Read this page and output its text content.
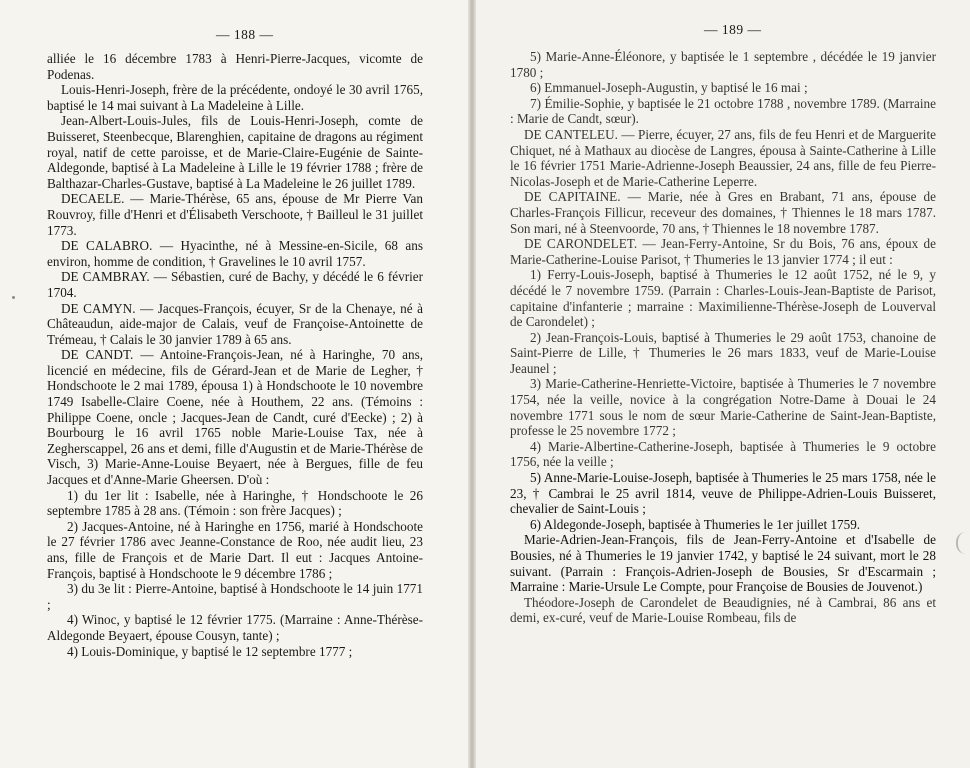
— 188 —

alliée le 16 décembre 1783 à Henri-Pierre-Jacques, vicomte de Podenas.

Louis-Henri-Joseph, frère de la précédente, ondoyé le 30 avril 1765, baptisé le 14 mai suivant à La Madeleine à Lille.

Jean-Albert-Louis-Jules, fils de Louis-Henri-Joseph, comte de Buisseret, Steenbecque, Blarenghien, capitaine de dragons au régiment royal, natif de cette paroisse, et de Marie-Claire-Eugénie de Sainte-Aldegonde, baptisé à La Madeleine à Lille le 19 février 1788 ; frère de Balthazar-Charles-Gustave, baptisé à La Madeleine le 26 juillet 1789.

DECAELE. — Marie-Thérèse, 65 ans, épouse de Mr Pierre Van Rouvroy, fille d'Henri et d'Élisabeth Verschoote, † Bailleul le 31 juillet 1773.

DE CALABRO. — Hyacinthe, né à Messine-en-Sicile, 68 ans environ, homme de condition, † Gravelines le 10 avril 1757.

DE CAMBRAY. — Sébastien, curé de Bachy, y décédé le 6 février 1704.

DE CAMYN. — Jacques-François, écuyer, Sr de la Chenaye, né à Châteaudun, aide-major de Calais, veuf de Françoise-Antoinette de Trémeau, † Calais le 30 janvier 1789 à 65 ans.

DE CANDT. — Antoine-François-Jean, né à Haringhe, 70 ans, licencié en médecine, fils de Gérard-Jean et de Marie de Legher, † Hondschoote le 2 mai 1789, épousa 1) à Hondschoote le 10 novembre 1749 Isabelle-Claire Coene, née à Houthem, 22 ans. (Témoins : Philippe Coene, oncle ; Jacques-Jean de Candt, curé d'Eecke) ; 2) à Bourbourg le 16 avril 1765 noble Marie-Louise Tax, née à Zegherscappel, 26 ans et demi, fille d'Augustin et de Marie-Thérèse de Visch, 3) Marie-Anne-Louise Beyaert, née à Bergues, fille de feu Jacques et d'Anne-Marie Gheersen. D'où :

1) du 1er lit : Isabelle, née à Haringhe, † Hondschoote le 26 septembre 1785 à 28 ans. (Témoin : son frère Jacques) ;

2) Jacques-Antoine, né à Haringhe en 1756, marié à Hondschoote le 27 février 1786 avec Jeanne-Constance de Roo, née audit lieu, 23 ans, fille de François et de Marie Dart. Il eut : Jacques Antoine-François, baptisé à Hondschoote le 9 décembre 1786 ;

3) du 3e lit : Pierre-Antoine, baptisé à Hondschoote le 14 juin 1771 ;

4) Winoc, y baptisé le 12 février 1775. (Marraine : Anne-Thérèse-Aldegonde Beyaert, épouse Cousyn, tante) ;

4) Louis-Dominique, y baptisé le 12 septembre 1777 ;

— 189 —

5) Marie-Anne-Éléonore, y baptisée le 1 septembre , décédée le 19 janvier 1780 ;

6) Emmanuel-Joseph-Augustin, y baptisé le 16 mai ;

7) Émilie-Sophie, y baptisée le 21 octobre 1788 , novembre 1789. (Marraine : Marie de Candt, sœur).

DE CANTELEU. — Pierre, écuyer, 27 ans, fils de feu Henri et de Marguerite Chiquet, né à Mathaux au diocèse de Langres, épousa à Sainte-Catherine à Lille le 16 février 1751 Marie-Adrienne-Joseph Beaussier, 24 ans, fille de feu Pierre-Nicolas-Joseph et de Marie-Catherine Leperre.

DE CAPITAINE. — Marie, née à Gres en Brabant, 71 ans, épouse de Charles-François Fillicur, receveur des domaines, † Thiennes le 18 mars 1787. Son mari, né à Steenvoorde, 70 ans, † Thiennes le 18 novembre 1787.

DE CARONDELET. — Jean-Ferry-Antoine, Sr du Bois, 76 ans, époux de Marie-Catherine-Louise Parisot, † Thumeries le 13 janvier 1774 ; il eut :

1) Ferry-Louis-Joseph, baptisé à Thumeries le 12 août 1752, né le 9, y décédé le 7 novembre 1759. (Parrain : Charles-Louis-Jean-Baptiste de Parisot, capitaine d'infanterie ; marraine : Maximilienne-Thérèse-Joseph de Louverval de Carondelet) ;

2) Jean-François-Louis, baptisé à Thumeries le 29 août 1753, chanoine de Saint-Pierre de Lille, † Thumeries le 26 mars 1833, veuf de Marie-Louise Jeaunel ;

3) Marie-Catherine-Henriette-Victoire, baptisée à Thumeries le 7 novembre 1754, née la veille, novice à la congrégation Notre-Dame à Douai le 24 novembre 1771 sous le nom de sœur Marie-Catherine de Saint-Jean-Baptiste, professe le 25 novembre 1772 ;

4) Marie-Albertine-Catherine-Joseph, baptisée à Thumeries le 9 octobre 1756, née la veille ;

5) Anne-Marie-Louise-Joseph, baptisée à Thumeries le 25 mars 1758, née le 23, † Cambrai le 25 avril 1814, veuve de Philippe-Adrien-Louis Buisseret, chevalier de Saint-Louis ;

6) Aldegonde-Joseph, baptisée à Thumeries le 1er juillet 1759.

Marie-Adrien-Jean-François, fils de Jean-Ferry-Antoine et d'Isabelle de Bousies, né à Thumeries le 19 janvier 1742, y baptisé le 24 suivant, mort le 28 suivant. (Parrain : François-Adrien-Joseph de Bousies, Sr d'Escarmain ; Marraine : Marie-Ursule Le Compte, pour Françoise de Bousies de Jouvenot.)

Théodore-Joseph de Carondelet de Beaudignies, né à Cambrai, 86 ans et demi, ex-curé, veuf de Marie-Louise Rombeau, fils de
